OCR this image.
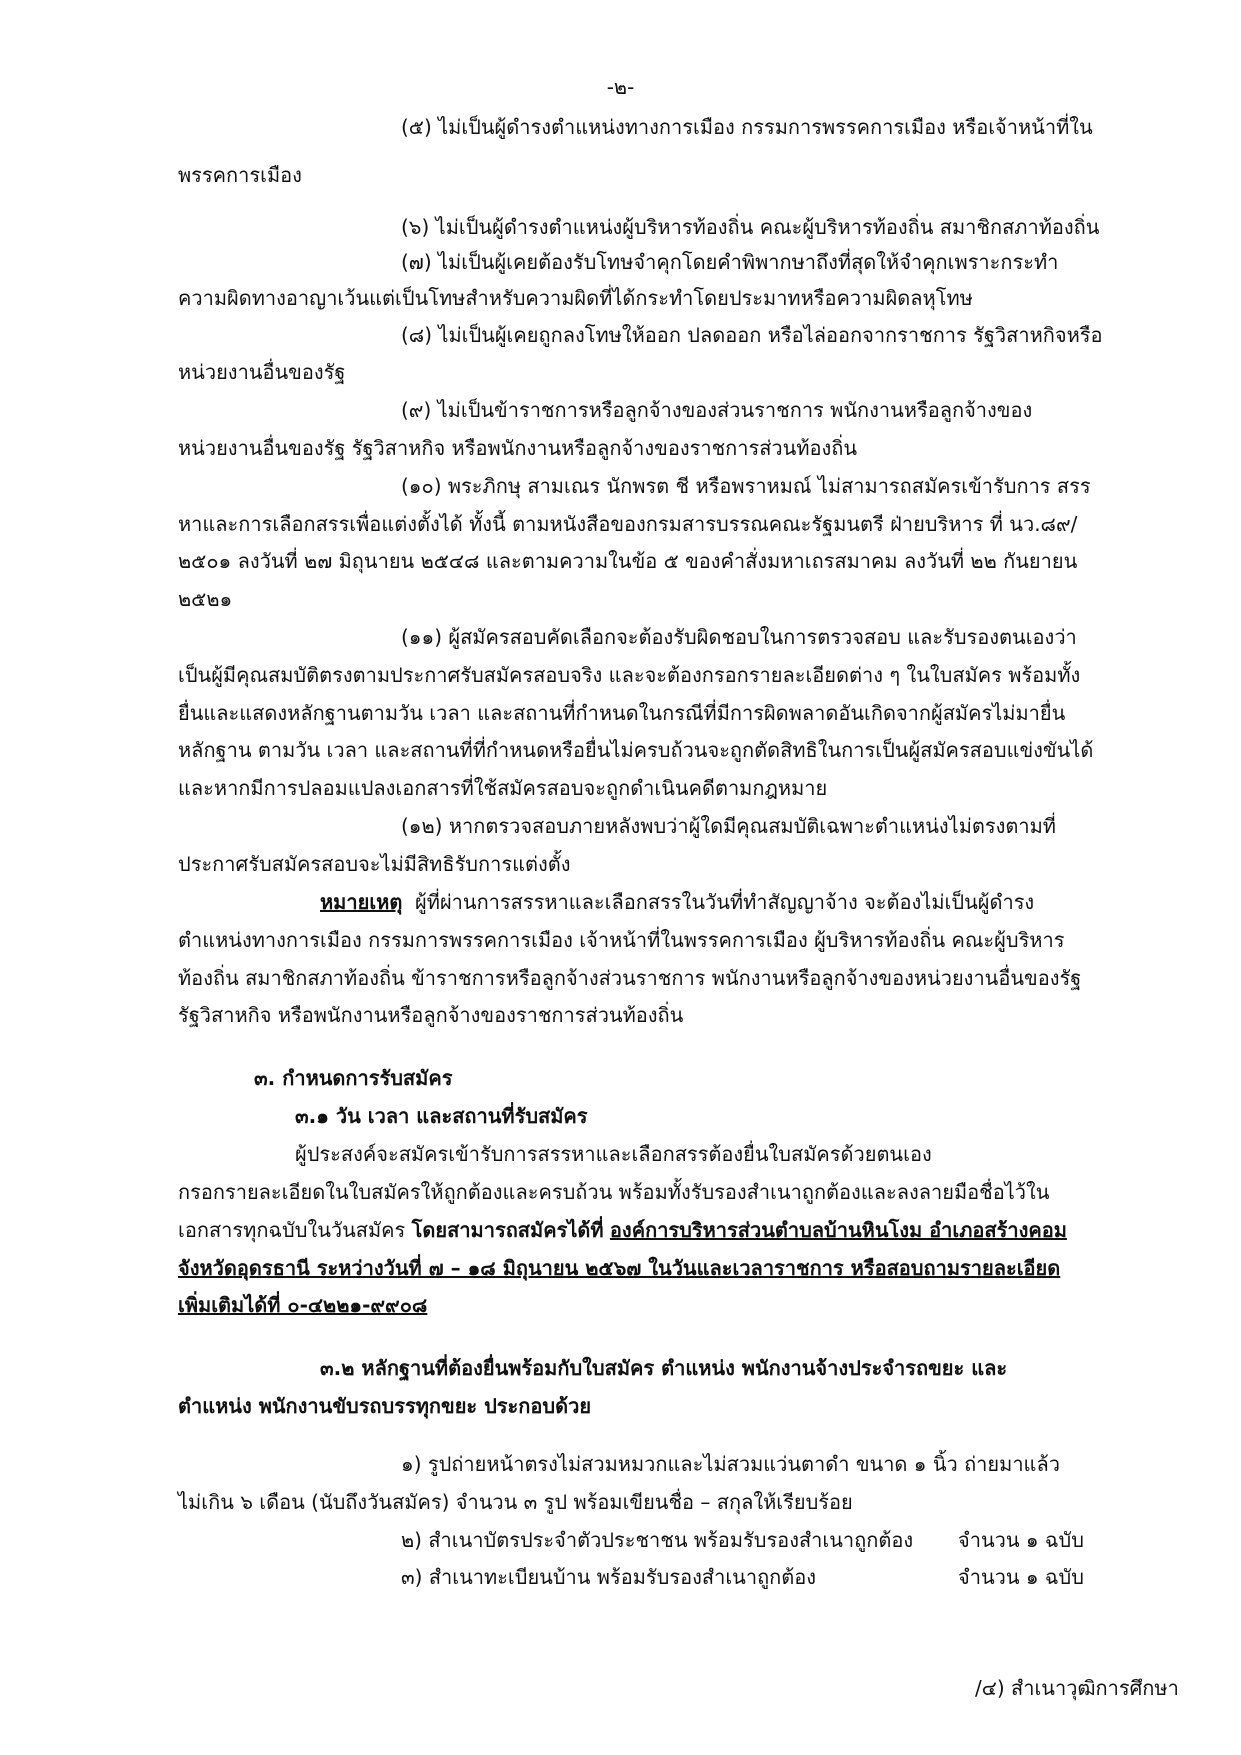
-๒-
(๕) ไม่เป็นผู้ดำรงตำแหน่งทางการเมือง กรรมการพรรคการเมือง หรือเจ้าหน้าที่ใน
พรรคการเมือง
(๖) ไม่เป็นผู้ดำรงตำแหน่งผู้บริหารท้องถิ่น คณะผู้บริหารท้องถิ่น สมาชิกสภาท้องถิ่น
(๗) ไม่เป็นผู้เคยต้องรับโทษจำคุกโดยคำพิพากษาถึงที่สุดให้จำคุกเพราะกระทำ
ความผิดทางอาญาเว้นแต่เป็นโทษสำหรับความผิดที่ได้กระทำโดยประมาทหรือความผิดลหุโทษ
(๘) ไม่เป็นผู้เคยถูกลงโทษให้ออก ปลดออก หรือไล่ออกจากราชการ รัฐวิสาหกิจหรือ
หน่วยงานอื่นของรัฐ
(๙) ไม่เป็นข้าราชการหรือลูกจ้างของส่วนราชการ พนักงานหรือลูกจ้างของ
หน่วยงานอื่นของรัฐ รัฐวิสาหกิจ หรือพนักงานหรือลูกจ้างของราชการส่วนท้องถิ่น
(๑๐) พระภิกษุ สามเณร นักพรต ชี หรือพราหมณ์ ไม่สามารถสมัครเข้ารับการ สรร
หาและการเลือกสรรเพื่อแต่งตั้งได้ ทั้งนี้ ตามหนังสือของกรมสารบรรณคณะรัฐมนตรี ฝ่ายบริหาร ที่ นว.๘๙/
๒๕๐๑ ลงวันที่ ๒๗ มิถุนายน ๒๕๔๘ และตามความในข้อ ๕ ของคำสั่งมหาเถรสมาคม ลงวันที่ ๒๒ กันยายน
๒๕๒๑
(๑๑) ผู้สมัครสอบคัดเลือกจะต้องรับผิดชอบในการตรวจสอบ และรับรองตนเองว่า
เป็นผู้มีคุณสมบัติตรงตามประกาศรับสมัครสอบจริง และจะต้องกรอกรายละเอียดต่าง ๆ ในใบสมัคร พร้อมทั้ง
ยื่นและแสดงหลักฐานตามวัน เวลา และสถานที่กำหนดในกรณีที่มีการผิดพลาดอันเกิดจากผู้สมัครไม่มายื่น
หลักฐาน ตามวัน เวลา และสถานที่ที่กำหนดหรือยื่นไม่ครบถ้วนจะถูกตัดสิทธิในการเป็นผู้สมัครสอบแข่งขันได้
และหากมีการปลอมแปลงเอกสารที่ใช้สมัครสอบจะถูกดำเนินคดีตามกฎหมาย
(๑๒) หากตรวจสอบภายหลังพบว่าผู้ใดมีคุณสมบัติเฉพาะตำแหน่งไม่ตรงตามที่
ประกาศรับสมัครสอบจะไม่มีสิทธิรับการแต่งตั้ง
หมายเหตุ ผู้ที่ผ่านการสรรหาและเลือกสรรในวันที่ทำสัญญาจ้าง จะต้องไม่เป็นผู้ดำรง
ตำแหน่งทางการเมือง กรรมการพรรคการเมือง เจ้าหน้าที่ในพรรคการเมือง ผู้บริหารท้องถิ่น คณะผู้บริหาร
ท้องถิ่น สมาชิกสภาท้องถิ่น ข้าราชการหรือลูกจ้างส่วนราชการ พนักงานหรือลูกจ้างของหน่วยงานอื่นของรัฐ
รัฐวิสาหกิจ หรือพนักงานหรือลูกจ้างของราชการส่วนท้องถิ่น
๓. กำหนดการรับสมัคร
๓.๑ วัน เวลา และสถานที่รับสมัคร
ผู้ประสงค์จะสมัครเข้ารับการสรรหาและเลือกสรรต้องยื่นใบสมัครด้วยตนเอง
กรอกรายละเอียดในใบสมัครให้ถูกต้องและครบถ้วน พร้อมทั้งรับรองสำเนาถูกต้องและลงลายมือชื่อไว้ใน
เอกสารทุกฉบับในวันสมัคร โดยสามารถสมัครได้ที่ องค์การบริหารส่วนตำบลบ้านหินโงม อำเภอสร้างคอม
จังหวัดอุดรธานี ระหว่างวันที่ ๗ – ๑๘ มิถุนายน ๒๕๖๗ ในวันและเวลาราชการ หรือสอบถามรายละเอียด
เพิ่มเติมได้ที่ ๐-๔๒๒๑-๙๙๐๘
๓.๒ หลักฐานที่ต้องยื่นพร้อมกับใบสมัคร ตำแหน่ง พนักงานจ้างประจำรถขยะ และ
ตำแหน่ง พนักงานขับรถบรรทุกขยะ ประกอบด้วย
๑) รูปถ่ายหน้าตรงไม่สวมหมวกและไม่สวมแว่นตาดำ ขนาด ๑ นิ้ว ถ่ายมาแล้ว
ไม่เกิน ๖ เดือน (นับถึงวันสมัคร) จำนวน ๓ รูป พร้อมเขียนชื่อ – สกุลให้เรียบร้อย
๒) สำเนาบัตรประจำตัวประชาชน พร้อมรับรองสำเนาถูกต้อง จำนวน ๑ ฉบับ
๓) สำเนาทะเบียนบ้าน พร้อมรับรองสำเนาถูกต้อง	จำนวน ๑ ฉบับ
/๔) สำเนาวุฒิการศึกษา
